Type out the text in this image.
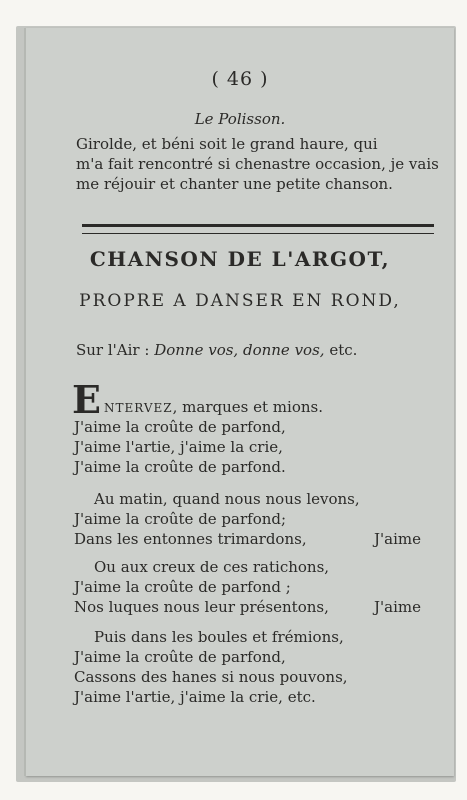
( 46 )
Le Polisson.
Girolde, et béni soit le grand haure, qui
m'a fait rencontré si chenastre occasion, je vais
me réjouir et chanter une petite chanson.
CHANSON DE L'ARGOT,
PROPRE A DANSER EN ROND,
Sur l'Air : Donne vos, donne vos, etc.
E NTERVEZ, marques et mions.
J'aime la croûte de parfond,
J'aime l'artie, j'aime la crie,
J'aime la croûte de parfond.
Au matin, quand nous nous levons,
J'aime la croûte de parfond;
Dans les entonnes trimardons,	J'aime
Ou aux creux de ces ratichons,
J'aime la croûte de parfond ;
Nos luques nous leur présentons,	J'aime
Puis dans les boules et frémions,
J'aime la croûte de parfond,
Cassons des hanes si nous pouvons,
J'aime l'artie, j'aime la crie, etc.
